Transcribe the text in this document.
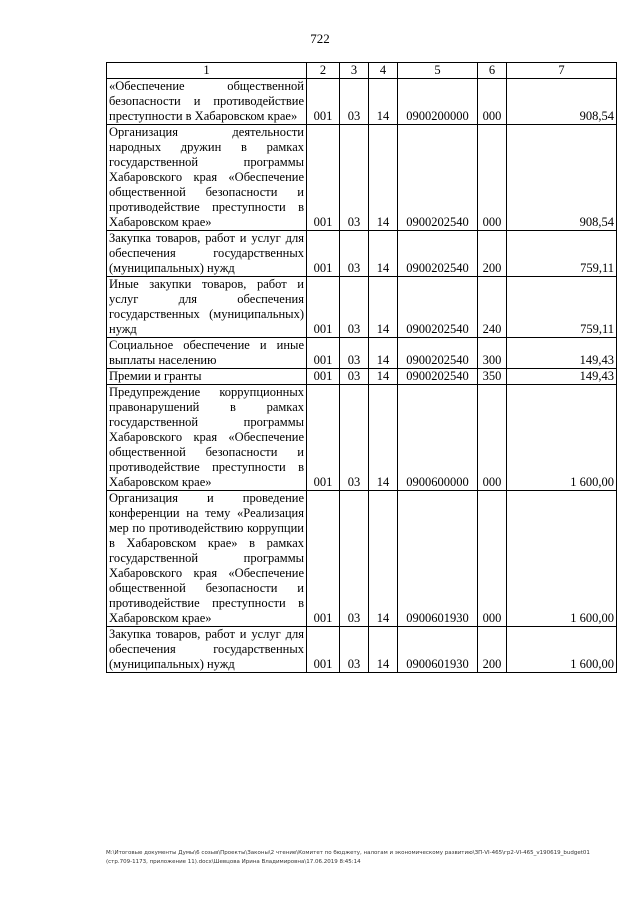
722
1	2	3	4	5	6	7
«Обеспечение общественной безопасности и противодействие преступности в Хабаровском крае»	001	03	14	0900200000	000	908,54
Организация деятельности народных дружин в рамках государственной программы Хабаровского края «Обеспечение общественной безопасности и противодействие преступности в Хабаровском крае»	001	03	14	0900202540	000	908,54
Закупка товаров, работ и услуг для обеспечения государственных (муниципальных) нужд	001	03	14	0900202540	200	759,11
Иные закупки товаров, работ и услуг для обеспечения государственных (муниципальных) нужд	001	03	14	0900202540	240	759,11
Социальное обеспечение и иные выплаты населению	001	03	14	0900202540	300	149,43
Премии и гранты	001	03	14	0900202540	350	149,43
Предупреждение коррупционных правонарушений в рамках государственной программы Хабаровского края «Обеспечение общественной безопасности и противодействие преступности в Хабаровском крае»	001	03	14	0900600000	000	1 600,00
Организация и проведение конференции на тему «Реализация мер по противодействию коррупции в Хабаровском крае» в рамках государственной программы Хабаровского края «Обеспечение общественной безопасности и противодействие преступности в Хабаровском крае»	001	03	14	0900601930	000	1 600,00
Закупка товаров, работ и услуг для обеспечения государственных (муниципальных) нужд	001	03	14	0900601930	200	1 600,00
M:\Итоговые документы Думы\6 созыв\Проекты\Законы\2 чтение\Комитет по бюджету, налогам и экономическому развитию\ЗП-VI-465\гр2-VI-465_v190619_budget01 (стр.709-1173, приложение 11).docx\Шевцова Ирина Владимировна\17.06.2019 8:45:14
